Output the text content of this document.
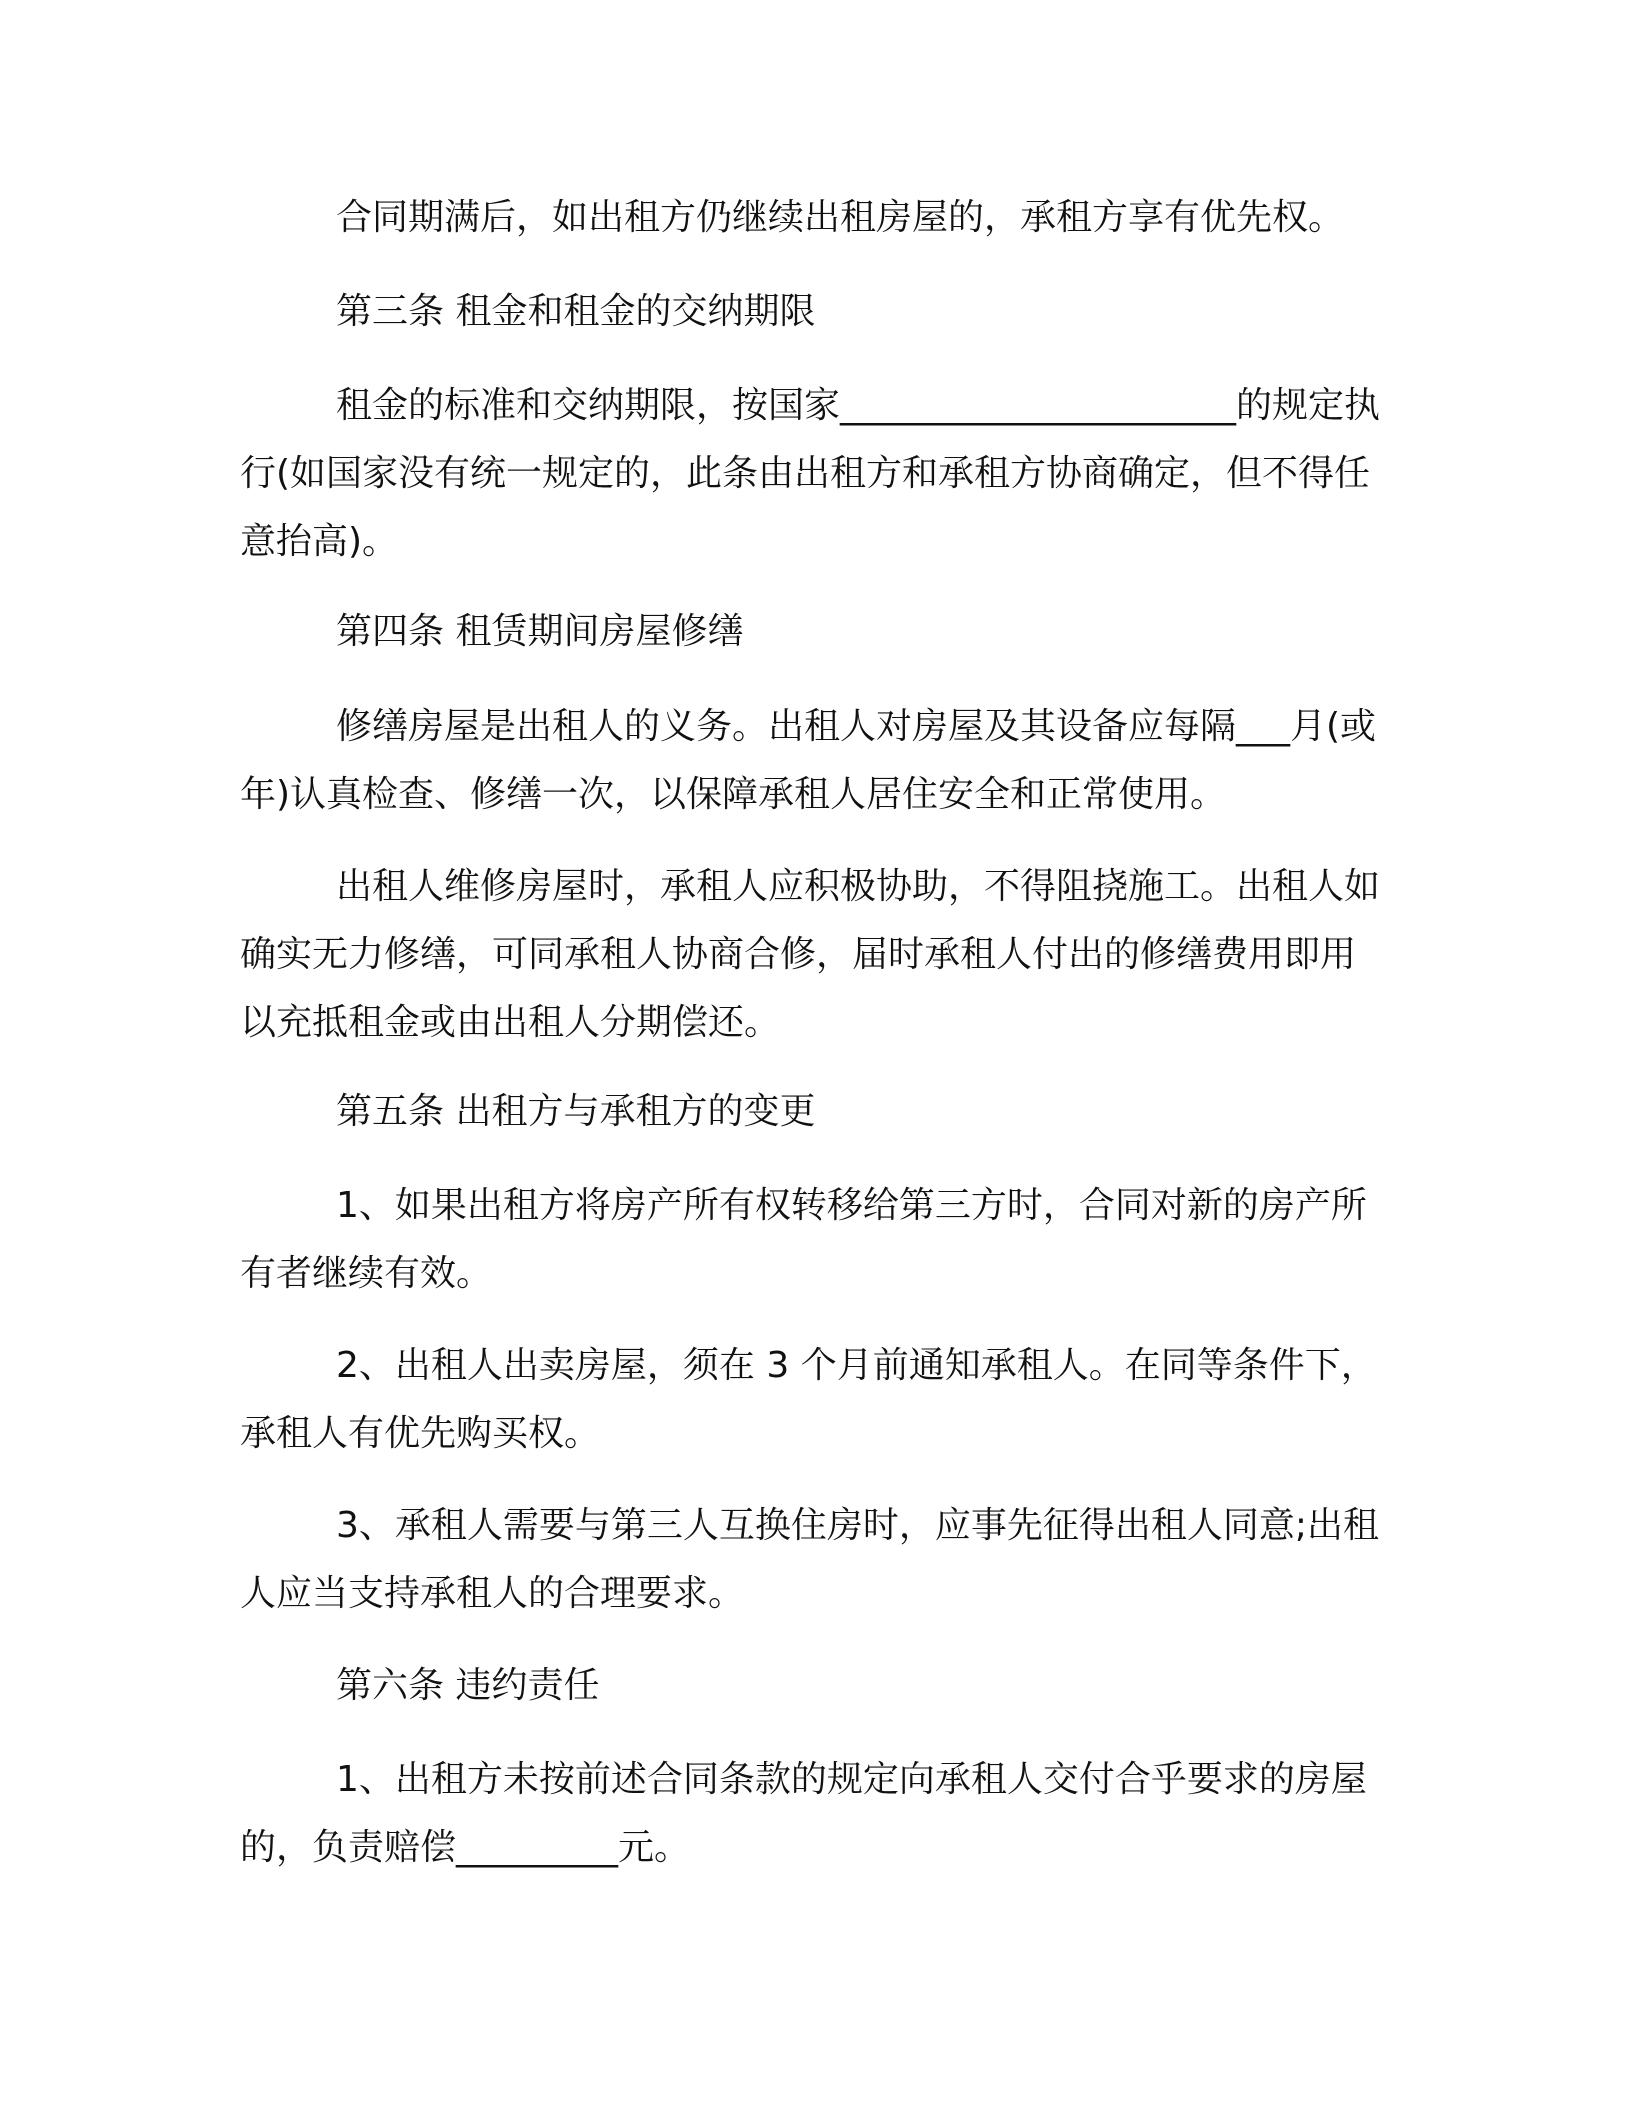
合同期满后，如出租方仍继续出租房屋的，承租方享有优先权。

第三条 租金和租金的交纳期限

租金的标准和交纳期限，按国家______________________的规定执行(如国家没有统一规定的，此条由出租方和承租方协商确定，但不得任意抬高)。

第四条 租赁期间房屋修缮

修缮房屋是出租人的义务。出租人对房屋及其设备应每隔___月(或年)认真检查、修缮一次，以保障承租人居住安全和正常使用。

出租人维修房屋时，承租人应积极协助，不得阻挠施工。出租人如确实无力修缮，可同承租人协商合修，届时承租人付出的修缮费用即用以充抵租金或由出租人分期偿还。

第五条 出租方与承租方的变更

1、如果出租方将房产所有权转移给第三方时，合同对新的房产所有者继续有效。

2、出租人出卖房屋，须在 3 个月前通知承租人。在同等条件下，承租人有优先购买权。

3、承租人需要与第三人互换住房时，应事先征得出租人同意;出租人应当支持承租人的合理要求。

第六条 违约责任

1、出租方未按前述合同条款的规定向承租人交付合乎要求的房屋的，负责赔偿_________元。
